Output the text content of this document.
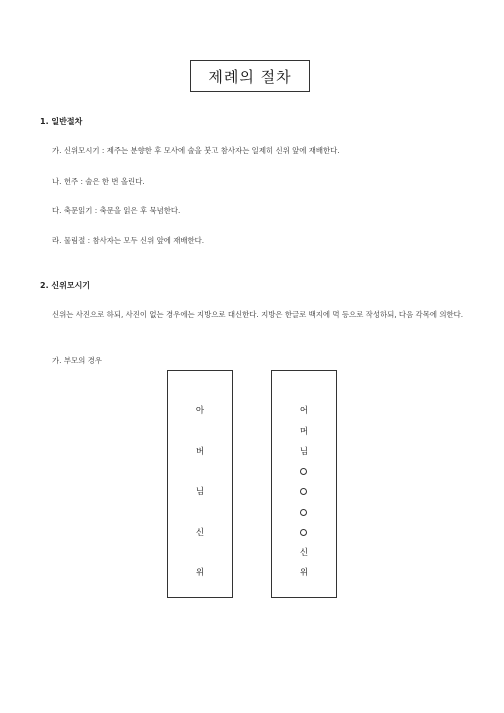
제례의 절차
1. 일반절차
가. 신위모시기 : 제주는 분향한 후 모사에 술을 붓고 참사자는 일제히 신위 앞에 재배한다.
나. 헌주 : 술은 한 번 올린다.
다. 축문읽기 : 축문을 읽은 후 묵념한다.
라. 물림절 : 참사자는 모두 신위 앞에 재배한다.
2. 신위모시기
신위는 사진으로 하되, 사진이 없는 경우에는 지방으로 대신한다. 지방은 한글로 백지에 먹 등으로 작성하되, 다음 각목에 의한다.
가. 부모의 경우
아
버
님
신
위
어
머
님
신
위
